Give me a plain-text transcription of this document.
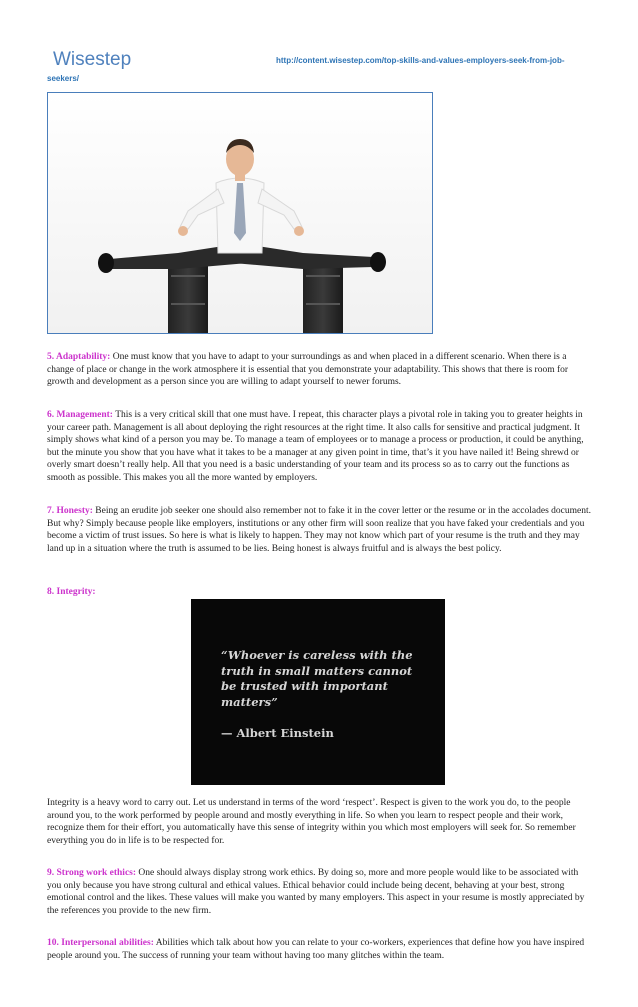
Wisestep	http://content.wisestep.com/top-skills-and-values-employers-seek-from-job-
seekers/
5. Adaptability: One must know that you have to adapt to your surroundings as and when placed in a different scenario. When there is a change of place or change in the work atmosphere it is essential that you demonstrate your adaptability. This shows that there is room for growth and development as a person since you are willing to adapt yourself to newer forums.
6. Management: This is a very critical skill that one must have. I repeat, this character plays a pivotal role in taking you to greater heights in your career path. Management is all about deploying the right resources at the right time. It also calls for sensitive and practical judgment. It simply shows what kind of a person you may be. To manage a team of employees or to manage a process or production, it could be anything, but the minute you show that you have what it takes to be a manager at any given point in time, that’s it you have nailed it! Being shrewd or overly smart doesn’t really help. All that you need is a basic understanding of your team and its process so as to carry out the functions as smooth as possible. This makes you all the more wanted by employers.
7. Honesty: Being an erudite job seeker one should also remember not to fake it in the cover letter or the resume or in the accolades document. But why? Simply because people like employers, institutions or any other firm will soon realize that you have faked your credentials and you become a victim of trust issues. So here is what is likely to happen. They may not know which part of your resume is the truth and they may land up in a situation where the truth is assumed to be lies. Being honest is always fruitful and is always the best policy.
8. Integrity:
“Whoever is careless with the
truth in small matters cannot
be trusted with important
matters”
— Albert Einstein
Integrity is a heavy word to carry out. Let us understand in terms of the word ‘respect’. Respect is given to the work you do, to the people around you, to the work performed by people around and mostly everything in life. So when you learn to respect people and their work, recognize them for their effort, you automatically have this sense of integrity within you which most employers will seek for. So remember everything you do in life is to be respected for.
9. Strong work ethics: One should always display strong work ethics. By doing so, more and more people would like to be associated with you only because you have strong cultural and ethical values. Ethical behavior could include being decent, behaving at your best, strong emotional control and the likes. These values will make you wanted by many employers. This aspect in your resume is mostly appreciated by the references you provide to the new firm.
10. Interpersonal abilities: Abilities which talk about how you can relate to your co-workers, experiences that define how you have inspired people around you. The success of running your team without having too many glitches within the team.
